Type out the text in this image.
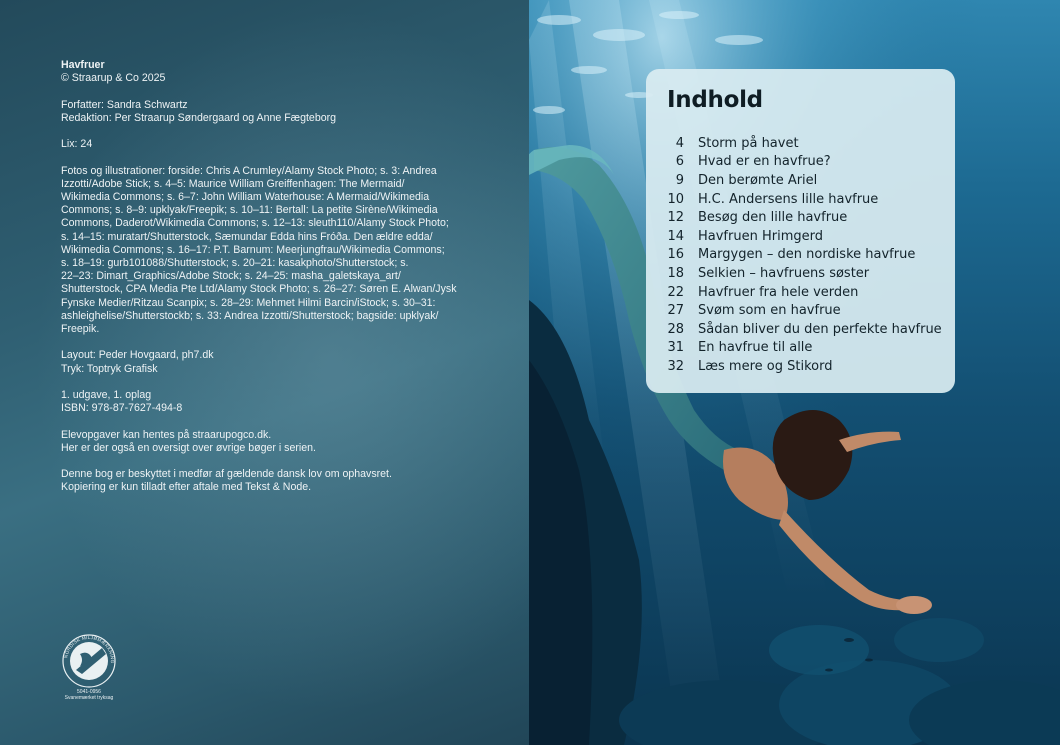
Havfruer
© Straarup & Co 2025

Forfatter: Sandra Schwartz
Redaktion: Per Straarup Søndergaard og Anne Fægteborg

Lix: 24

Fotos og illustrationer: forside: Chris A Crumley/Alamy Stock Photo; s. 3: Andrea
Izzotti/Adobe Stick; s. 4–5: Maurice William Greiffenhagen: The Mermaid/
Wikimedia Commons; s. 6–7: John William Waterhouse: A Mermaid/Wikimedia
Commons; s. 8–9: upklyak/Freepik; s. 10–11: Bertall: La petite Sirène/Wikimedia
Commons, Daderot/Wikimedia Commons; s. 12–13: sleuth110/Alamy Stock Photo;
s. 14–15: muratart/Shutterstock, Sæmundar Edda hins Fróða. Den ældre edda/
Wikimedia Commons; s. 16–17: P.T. Barnum: Meerjungfrau/Wikimedia Commons;
s. 18–19: gurb101088/Shutterstock; s. 20–21: kasakphoto/Shutterstock; s.
22–23: Dimart_Graphics/Adobe Stock; s. 24–25: masha_galetskaya_art/
Shutterstock, CPA Media Pte Ltd/Alamy Stock Photo; s. 26–27: Søren E. Alwan/Jysk
Fynske Medier/Ritzau Scanpix; s. 28–29: Mehmet Hilmi Barcin/iStock; s. 30–31:
ashleighelise/Shutterstockb; s. 33: Andrea Izzotti/Shutterstock; bagside: upklyak/
Freepik.

Layout: Peder Hovgaard, ph7.dk
Tryk: Toptryk Grafisk

1. udgave, 1. oplag
ISBN: 978-87-7627-494-8

Elevopgaver kan hentes på straarupogco.dk.
Her er der også en oversigt over øvrige bøger i serien.

Denne bog er beskyttet i medfør af gældende dansk lov om ophavsret.
Kopiering er kun tilladt efter aftale med Tekst & Node.

NORDISK MILJØMÆRKNING
5041-0956
Svanemærket tryksag
Indhold
4 Storm på havet
6 Hvad er en havfrue?
9 Den berømte Ariel
10 H.C. Andersens lille havfrue
12 Besøg den lille havfrue
14 Havfruen Hrimgerd
16 Margygen – den nordiske havfrue
18 Selkien – havfruens søster
22 Havfruer fra hele verden
27 Svøm som en havfrue
28 Sådan bliver du den perfekte havfrue
31 En havfrue til alle
32 Læs mere og Stikord
